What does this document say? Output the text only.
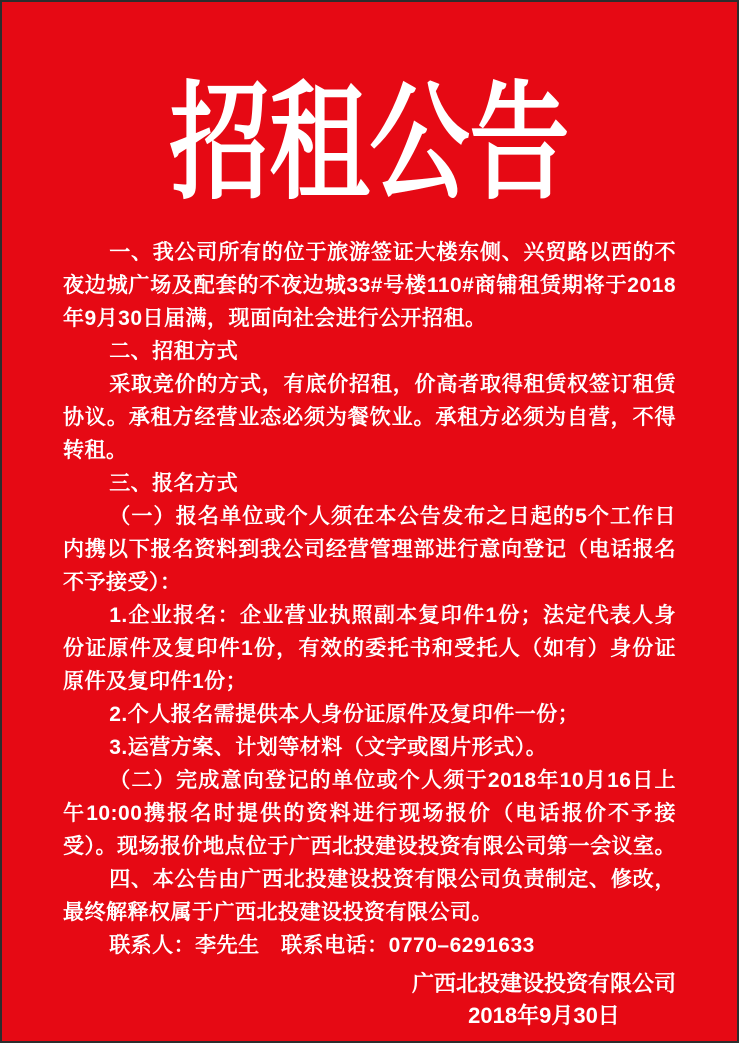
招租公告

一、我公司所有的位于旅游签证大楼东侧、兴贸路以西的不夜边城广场及配套的不夜边城33#号楼110#商铺租赁期将于2018年9月30日届满，现面向社会进行公开招租。

二、招租方式

采取竞价的方式，有底价招租，价高者取得租赁权签订租赁协议。承租方经营业态必须为餐饮业。承租方必须为自营，不得转租。

三、报名方式

（一）报名单位或个人须在本公告发布之日起的5个工作日内携以下报名资料到我公司经营管理部进行意向登记（电话报名不予接受）：

1.企业报名：企业营业执照副本复印件1份；法定代表人身份证原件及复印件1份，有效的委托书和受托人（如有）身份证原件及复印件1份；

2.个人报名需提供本人身份证原件及复印件一份；

3.运营方案、计划等材料（文字或图片形式）。

（二）完成意向登记的单位或个人须于2018年10月16日上午10:00携报名时提供的资料进行现场报价（电话报价不予接受）。现场报价地点位于广西北投建设投资有限公司第一会议室。

四、本公告由广西北投建设投资有限公司负责制定、修改，最终解释权属于广西北投建设投资有限公司。

联系人：李先生　联系电话：0770–6291633

广西北投建设投资有限公司
2018年9月30日
